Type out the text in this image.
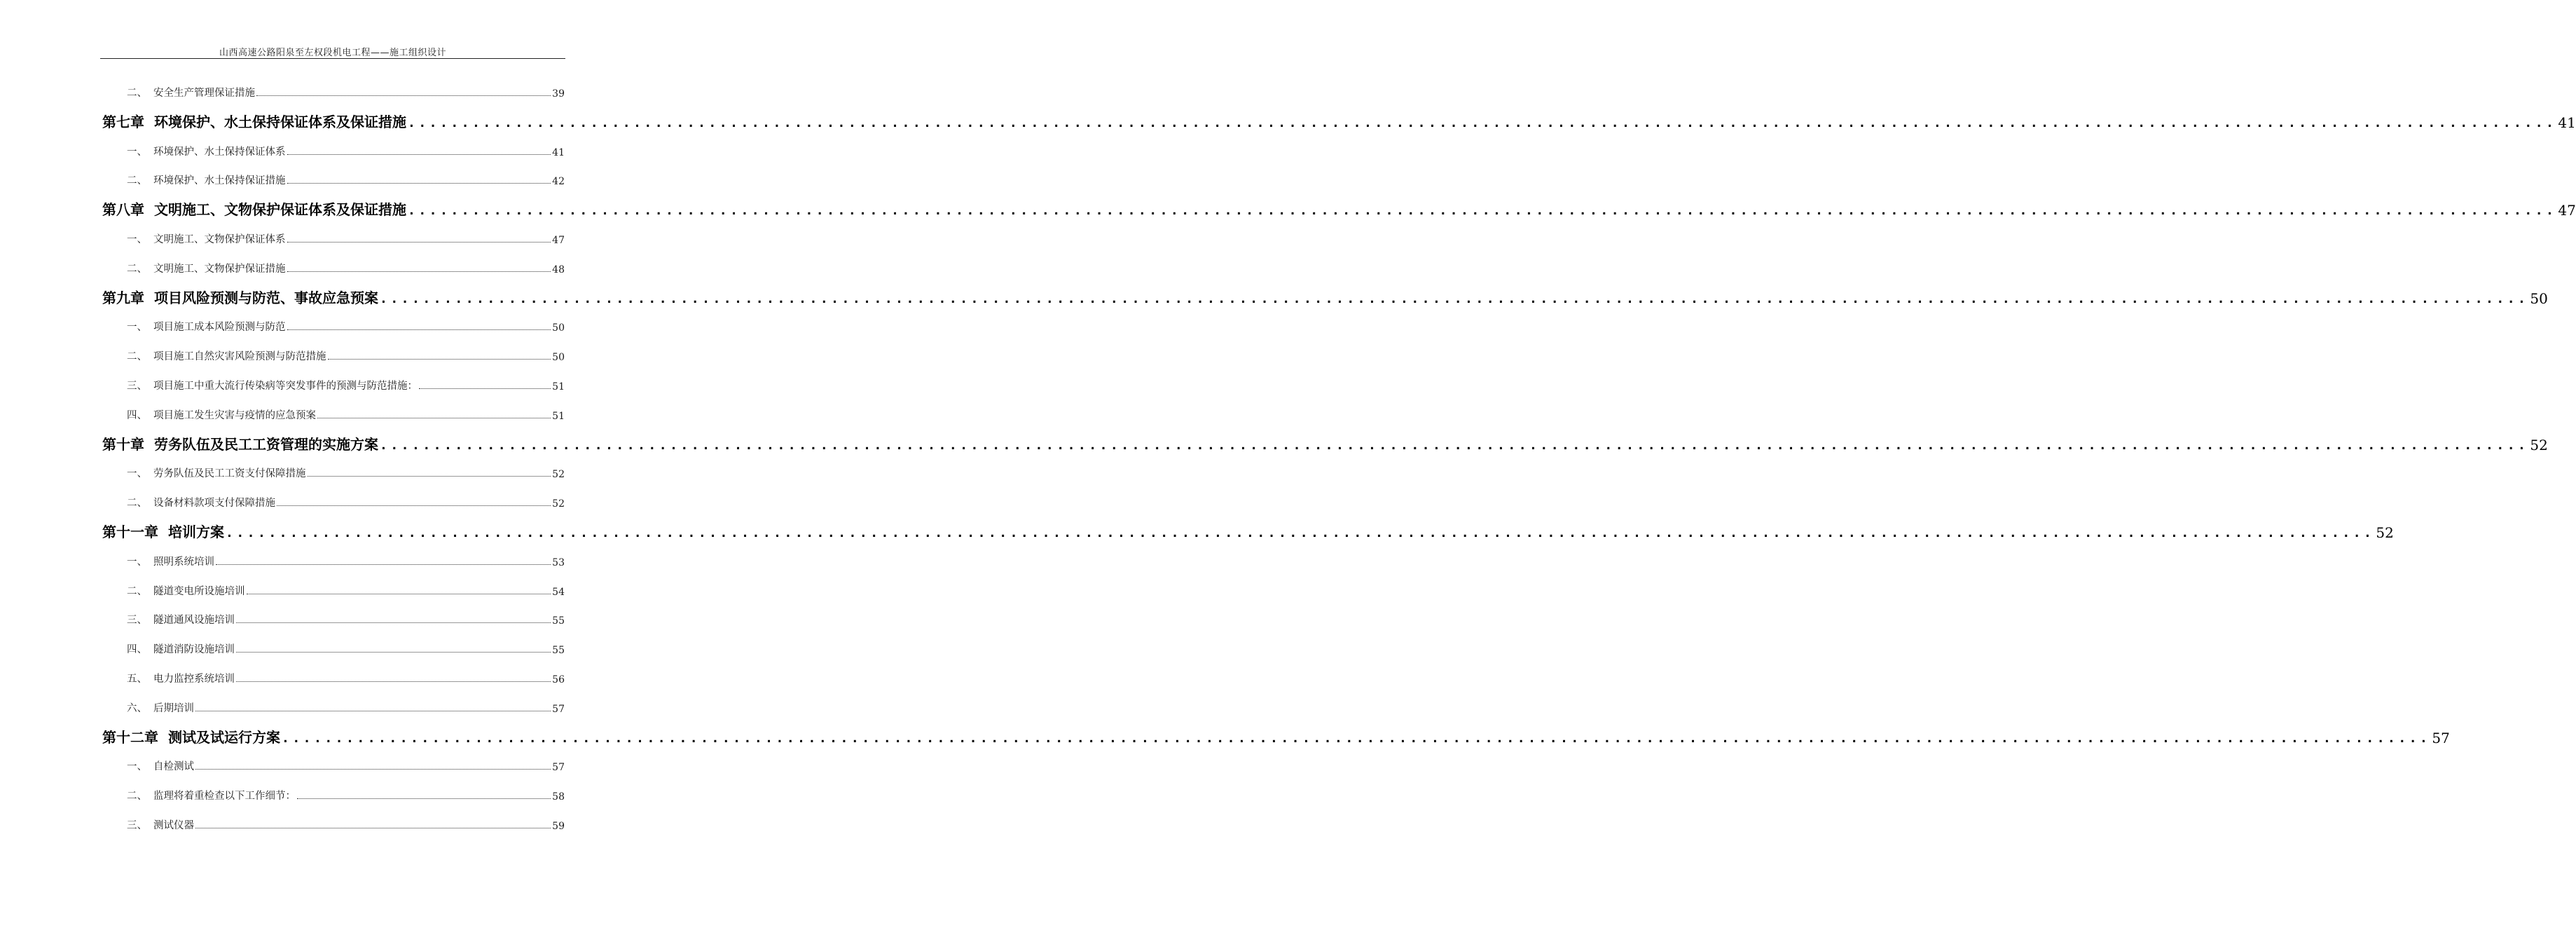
山西高速公路阳泉至左权段机电工程——施工组织设计
二、 安全生产管理保证措施	39
第七章 环境保护、水土保持保证体系及保证措施 ........................................................................................................................................................................................................ 41
一、 环境保护、水土保持保证体系	41
二、 环境保护、水土保持保证措施	42
第八章 文明施工、文物保护保证体系及保证措施 ........................................................................................................................................................................................................ 47
一、 文明施工、文物保护保证体系	47
二、 文明施工、文物保护保证措施	48
第九章 项目风险预测与防范、事故应急预案 ........................................................................................................................................................................................................ 50
一、 项目施工成本风险预测与防范	50
二、 项目施工自然灾害风险预测与防范措施	50
三、 项目施工中重大流行传染病等突发事件的预测与防范措施：	51
四、 项目施工发生灾害与疫情的应急预案	51
第十章 劳务队伍及民工工资管理的实施方案 ........................................................................................................................................................................................................ 52
一、 劳务队伍及民工工资支付保障措施	52
二、 设备材料款项支付保障措施	52
第十一章 培训方案 ........................................................................................................................................................................................................ 52
一、 照明系统培训	53
二、 隧道变电所设施培训	54
三、 隧道通风设施培训	55
四、 隧道消防设施培训	55
五、 电力监控系统培训	56
六、 后期培训	57
第十二章 测试及试运行方案 ........................................................................................................................................................................................................ 57
一、 自检测试	57
二、 监理将着重检查以下工作细节：	58
三、 测试仪器	59
